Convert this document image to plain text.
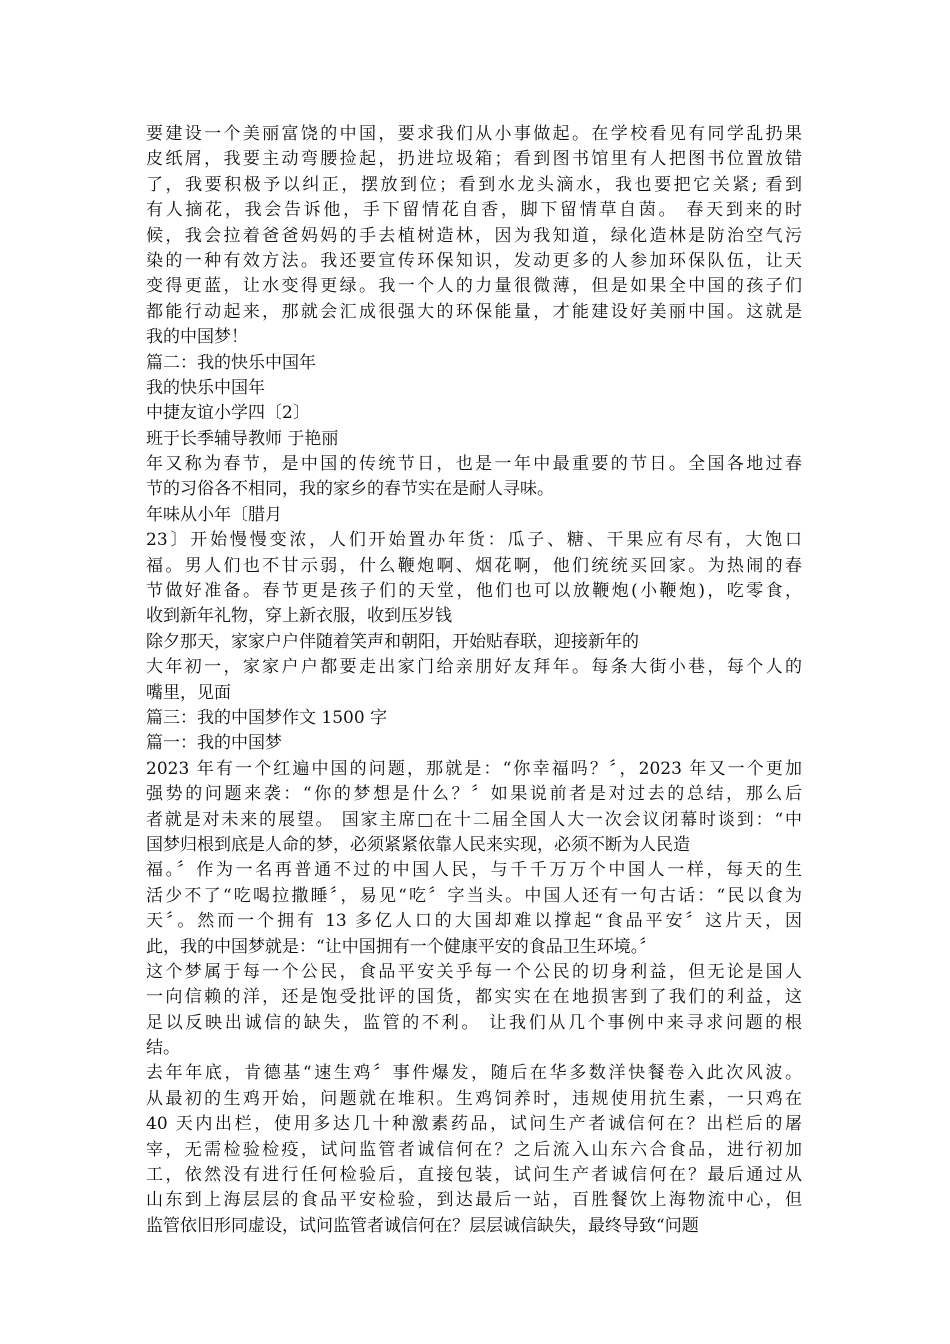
要建设一个美丽富饶的中国，要求我们从小事做起。在学校看见有同学乱扔果
皮纸屑，我要主动弯腰捡起，扔进垃圾箱；看到图书馆里有人把图书位置放错
了，我要积极予以纠正，摆放到位；看到水龙头滴水，我也要把它关紧; 看到
有人摘花，我会告诉他，手下留情花自香，脚下留情草自茵。 春天到来的时
候，我会拉着爸爸妈妈的手去植树造林，因为我知道，绿化造林是防治空气污
染的一种有效方法。我还要宣传环保知识，发动更多的人参加环保队伍，让天
变得更蓝，让水变得更绿。我一个人的力量很微薄，但是如果全中国的孩子们
都能行动起来，那就会汇成很强大的环保能量，才能建设好美丽中国。这就是
我的中国梦！
篇二：我的快乐中国年
我的快乐中国年
中捷友谊小学四〔2〕
班于长季辅导教师 于艳丽
年又称为春节，是中国的传统节日，也是一年中最重要的节日。全国各地过春
节的习俗各不相同，我的家乡的春节实在是耐人寻味。
年味从小年〔腊月
23〕开始慢慢变浓，人们开始置办年货：瓜子、糖、干果应有尽有，大饱口
福。男人们也不甘示弱，什么鞭炮啊、烟花啊，他们统统买回家。为热闹的春
节做好准备。春节更是孩子们的天堂，他们也可以放鞭炮(小鞭炮)，吃零食，
收到新年礼物，穿上新衣服，收到压岁钱
除夕那天，家家户户伴随着笑声和朝阳，开始贴春联，迎接新年的
大年初一，家家户户都要走出家门给亲朋好友拜年。每条大街小巷，每个人的
嘴里，见面
篇三：我的中国梦作文 1500 字
篇一：我的中国梦
2023 年有一个红遍中国的问题，那就是：“你幸福吗？〞，2023 年又一个更加
强势的问题来袭：“你的梦想是什么？〞如果说前者是对过去的总结，那么后
者就是对未来的展望。 国家主席□在十二届全国人大一次会议闭幕时谈到：“中
国梦归根到底是人命的梦，必须紧紧依靠人民来实现，必须不断为人民造
福。〞作为一名再普通不过的中国人民，与千千万万个中国人一样，每天的生
活少不了“吃喝拉撒睡〞，易见“吃〞字当头。中国人还有一句古话：“民以食为
天〞。然而一个拥有 13 多亿人口的大国却难以撑起“食品平安〞这片天，因
此，我的中国梦就是：“让中国拥有一个健康平安的食品卫生环境。〞
这个梦属于每一个公民，食品平安关乎每一个公民的切身利益，但无论是国人
一向信赖的洋，还是饱受批评的国货，都实实在在地损害到了我们的利益，这
足以反映出诚信的缺失，监管的不利。 让我们从几个事例中来寻求问题的根
结。
去年年底，肯德基“速生鸡〞事件爆发，随后在华多数洋快餐卷入此次风波。
从最初的生鸡开始，问题就在堆积。生鸡饲养时，违规使用抗生素，一只鸡在
40 天内出栏，使用多达几十种激素药品，试问生产者诚信何在？出栏后的屠
宰，无需检验检疫，试问监管者诚信何在？之后流入山东六合食品，进行初加
工，依然没有进行任何检验后，直接包装，试问生产者诚信何在？最后通过从
山东到上海层层的食品平安检验，到达最后一站，百胜餐饮上海物流中心，但
监管依旧形同虚设，试问监管者诚信何在？层层诚信缺失，最终导致“问题
